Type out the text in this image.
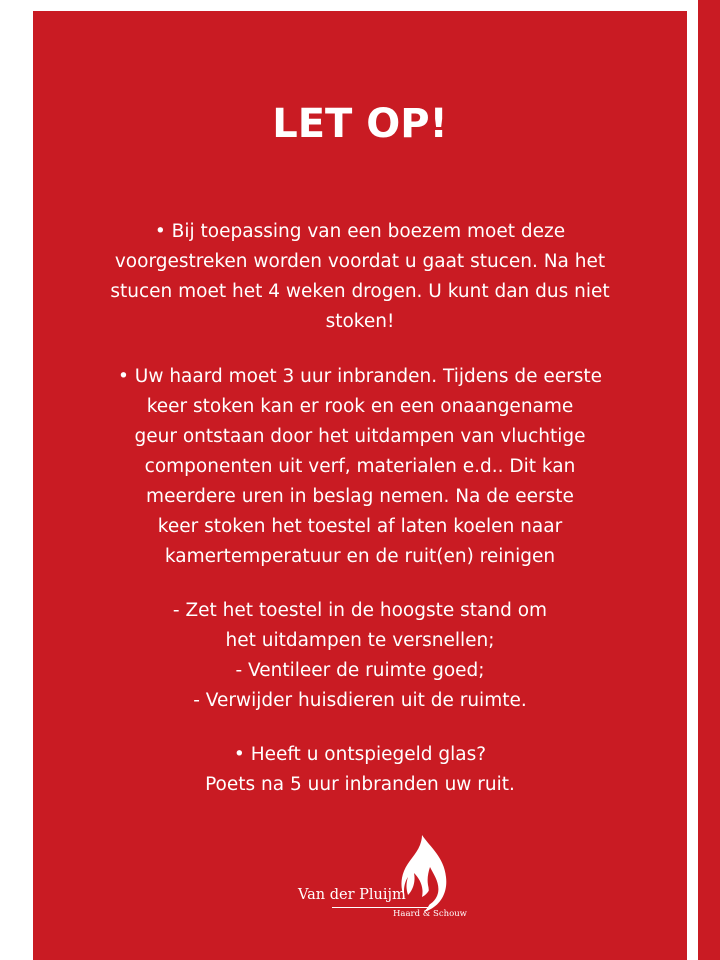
LET OP!
• Bij toepassing van een boezem moet deze
voorgestreken worden voordat u gaat stucen. Na het
stucen moet het 4 weken drogen. U kunt dan dus niet
stoken!
• Uw haard moet 3 uur inbranden. Tijdens de eerste
keer stoken kan er rook en een onaangename
geur ontstaan door het uitdampen van vluchtige
componenten uit verf, materialen e.d.. Dit kan
meerdere uren in beslag nemen. Na de eerste
keer stoken het toestel af laten koelen naar
kamertemperatuur en de ruit(en) reinigen
- Zet het toestel in de hoogste stand om
het uitdampen te versnellen;
- Ventileer de ruimte goed;
- Verwijder huisdieren uit de ruimte.
• Heeft u ontspiegeld glas?
Poets na 5 uur inbranden uw ruit.
Van der Pluijm
Haard & Schouw
